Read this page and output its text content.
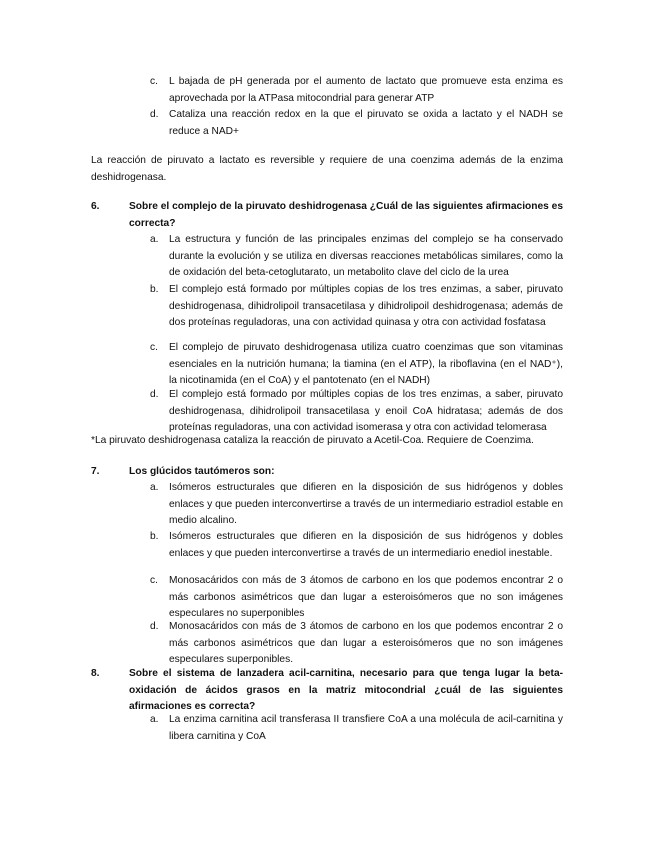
c. L bajada de pH generada por el aumento de lactato que promueve esta enzima es aprovechada por la ATPasa mitocondrial para generar ATP
d. Cataliza una reacción redox en la que el piruvato se oxida a lactato y el NADH se reduce a NAD+
La reacción de piruvato a lactato es reversible y requiere de una coenzima además de la enzima deshidrogenasa.
6.	Sobre el complejo de la piruvato deshidrogenasa ¿Cuál de las siguientes afirmaciones es correcta?
a. La estructura y función de las principales enzimas del complejo se ha conservado durante la evolución y se utiliza en diversas reacciones metabólicas similares, como la de oxidación del beta-cetoglutarato, un metabolito clave del ciclo de la urea
b. El complejo está formado por múltiples copias de los tres enzimas, a saber, piruvato deshidrogenasa, dihidrolipoil transacetilasa y dihidrolipoil deshidrogenasa; además de dos proteínas reguladoras, una con actividad quinasa y otra con actividad fosfatasa
c. El complejo de piruvato deshidrogenasa utiliza cuatro coenzimas que son vitaminas esenciales en la nutrición humana; la tiamina (en el ATP), la riboflavina (en el NAD⁺), la nicotinamida (en el CoA) y el pantotenato (en el NADH)
d. El complejo está formado por múltiples copias de los tres enzimas, a saber, piruvato deshidrogenasa, dihidrolipoil transacetilasa y enoil CoA hidratasa; además de dos proteínas reguladoras, una con actividad isomerasa y otra con actividad telomerasa
*La piruvato deshidrogenasa cataliza la reacción de piruvato a Acetil-Coa. Requiere de Coenzima.
7.	Los glúcidos tautómeros son:
a. Isómeros estructurales que difieren en la disposición de sus hidrógenos y dobles enlaces y que pueden interconvertirse a través de un intermediario estradiol estable en medio alcalino.
b. Isómeros estructurales que difieren en la disposición de sus hidrógenos y dobles enlaces y que pueden interconvertirse a través de un intermediario enediol inestable.
c. Monosacáridos con más de 3 átomos de carbono en los que podemos encontrar 2 o más carbonos asimétricos que dan lugar a esteroisómeros que no son imágenes especulares no superponibles
d. Monosacáridos con más de 3 átomos de carbono en los que podemos encontrar 2 o más carbonos asimétricos que dan lugar a esteroisómeros que no son imágenes especulares superponibles.
8.	Sobre el sistema de lanzadera acil-carnitina, necesario para que tenga lugar la beta-oxidación de ácidos grasos en la matriz mitocondrial ¿cuál de las siguientes afirmaciones es correcta?
a. La enzima carnitina acil transferasa II transfiere CoA a una molécula de acil-carnitina y libera carnitina y CoA
